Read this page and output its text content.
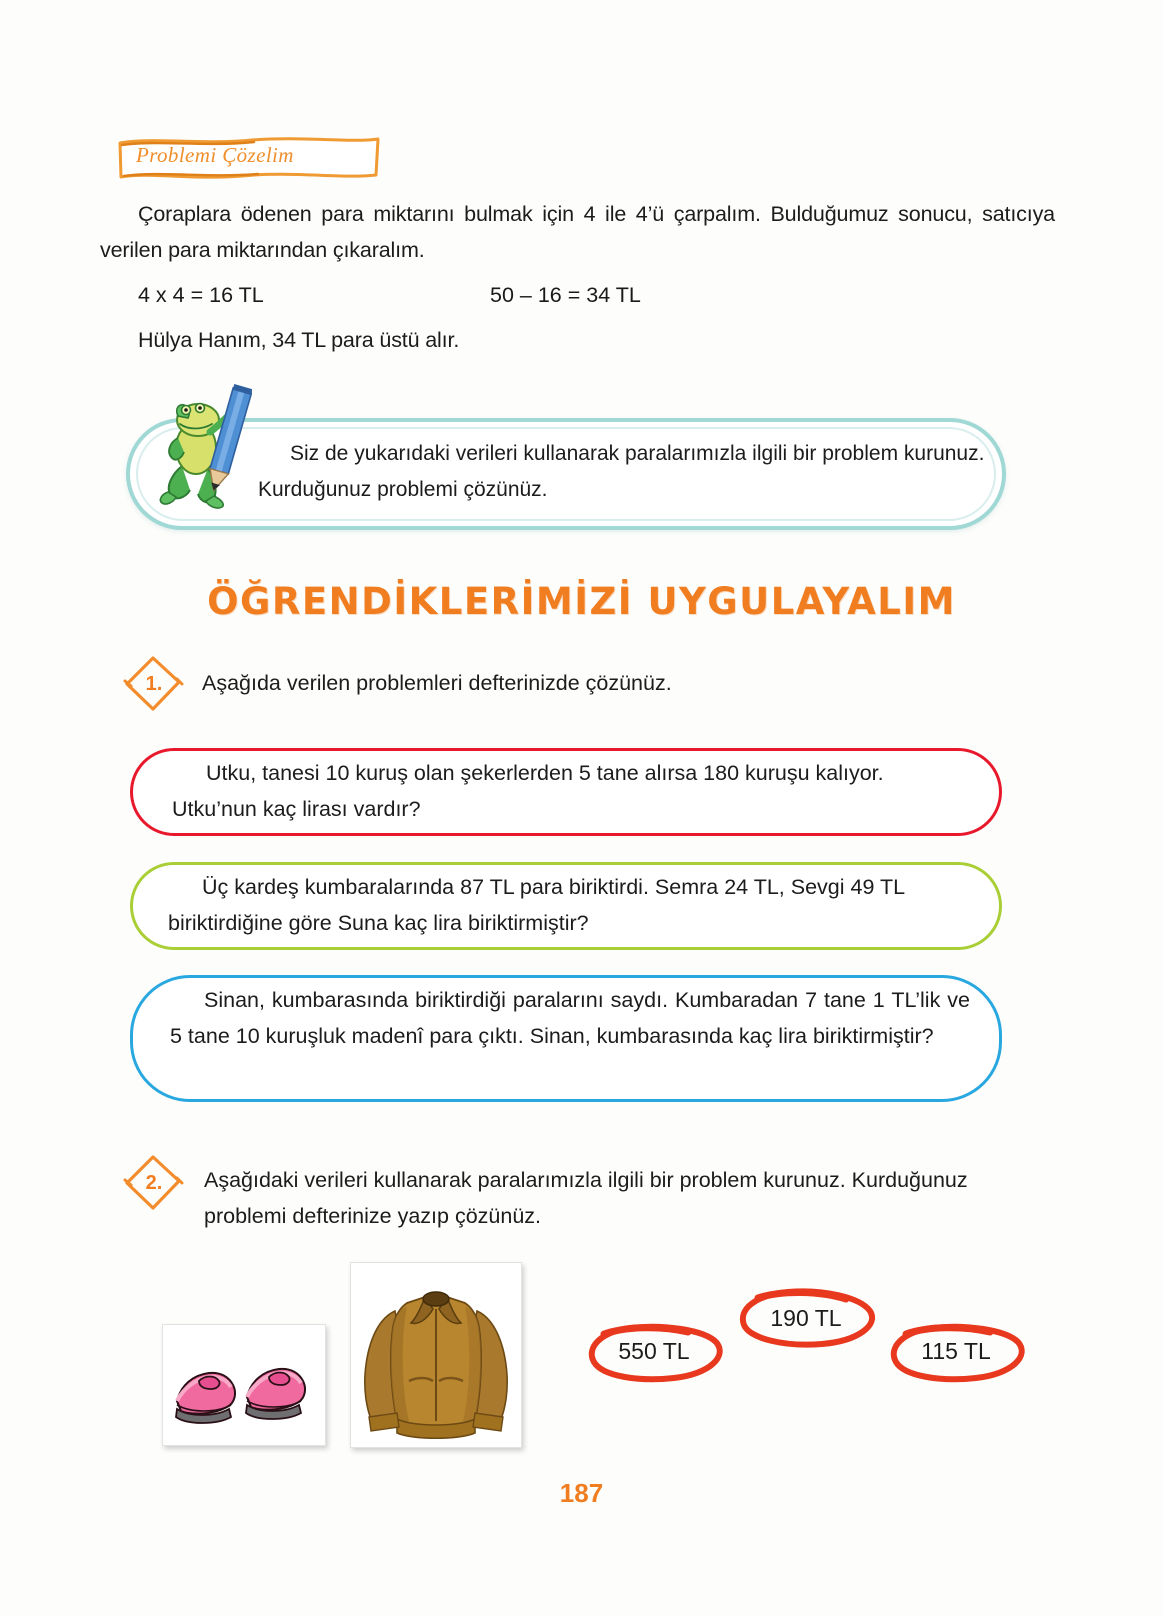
Problemi Çözelim
Çoraplara ödenen para miktarını bulmak için 4 ile 4’ü çarpalım. Bulduğumuz sonucu, satıcıya verilen para miktarından çıkaralım.
4 x 4 = 16 TL	50 – 16 = 34 TL
Hülya Hanım, 34 TL para üstü alır.
Siz de yukarıdaki verileri kullanarak paralarımızla ilgili bir problem kurunuz. Kurduğunuz problemi çözünüz.
ÖĞRENDİKLERİMİZİ UYGULAYALIM
1.	Aşağıda verilen problemleri defterinizde çözünüz.
Utku, tanesi 10 kuruş olan şekerlerden 5 tane alırsa 180 kuruşu kalıyor. Utku’nun kaç lirası vardır?
Üç kardeş kumbaralarında 87 TL para biriktirdi. Semra 24 TL, Sevgi 49 TL biriktirdiğine göre Suna kaç lira biriktirmiştir?
Sinan, kumbarasında biriktirdiği paralarını saydı. Kumbaradan 7 tane 1 TL’lik ve 5 tane 10 kuruşluk madenî para çıktı. Sinan, kumbarasında kaç lira biriktirmiştir?
2.	Aşağıdaki verileri kullanarak paralarımızla ilgili bir problem kurunuz. Kurduğunuz problemi defterinize yazıp çözünüz.
550 TL
190 TL
115 TL
187
